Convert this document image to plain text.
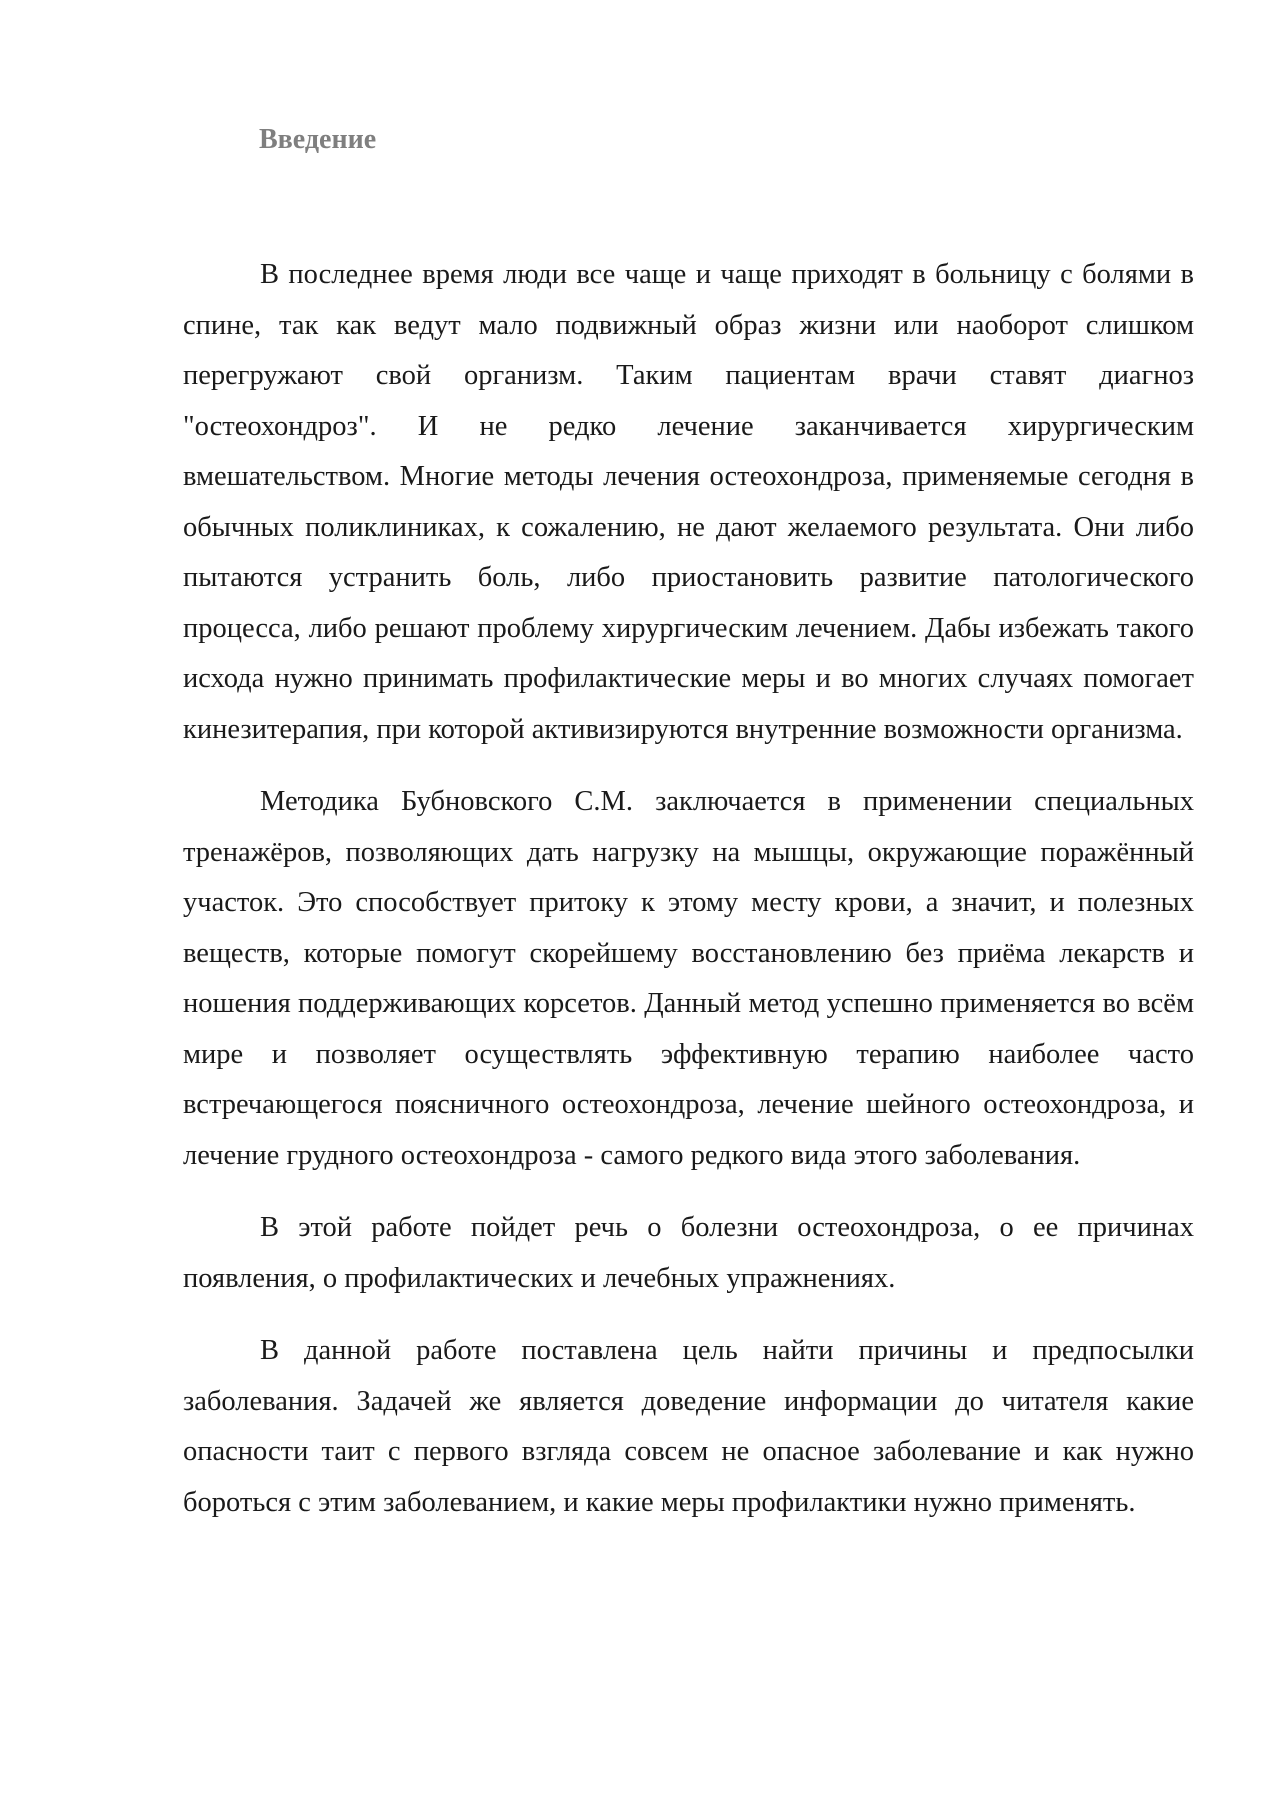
Введение

В последнее время люди все чаще и чаще приходят в больницу с болями в спине, так как ведут мало подвижный образ жизни или наоборот слишком перегружают свой организм. Таким пациентам врачи ставят диагноз "остеохондроз". И не редко лечение заканчивается хирургическим вмешательством. Многие методы лечения остеохондроза, применяемые сегодня в обычных поликлиниках, к сожалению, не дают желаемого результата. Они либо пытаются устранить боль, либо приостановить развитие патологического процесса, либо решают проблему хирургическим лечением. Дабы избежать такого исхода нужно принимать профилактические меры и во многих случаях помогает кинезитерапия, при которой активизируются внутренние возможности организма.

Методика Бубновского С.М. заключается в применении специальных тренажёров, позволяющих дать нагрузку на мышцы, окружающие поражённый участок. Это способствует притоку к этому месту крови, а значит, и полезных веществ, которые помогут скорейшему восстановлению без приёма лекарств и ношения поддерживающих корсетов. Данный метод успешно применяется во всём мире и позволяет осуществлять эффективную терапию наиболее часто встречающегося поясничного остеохондроза, лечение шейного остеохондроза, и лечение грудного остеохондроза - самого редкого вида этого заболевания.

В этой работе пойдет речь о болезни остеохондроза, о ее причинах появления, о профилактических и лечебных упражнениях.

В данной работе поставлена цель найти причины и предпосылки заболевания. Задачей же является доведение информации до читателя какие опасности таит с первого взгляда совсем не опасное заболевание и как нужно бороться с этим заболеванием, и какие меры профилактики нужно применять.
